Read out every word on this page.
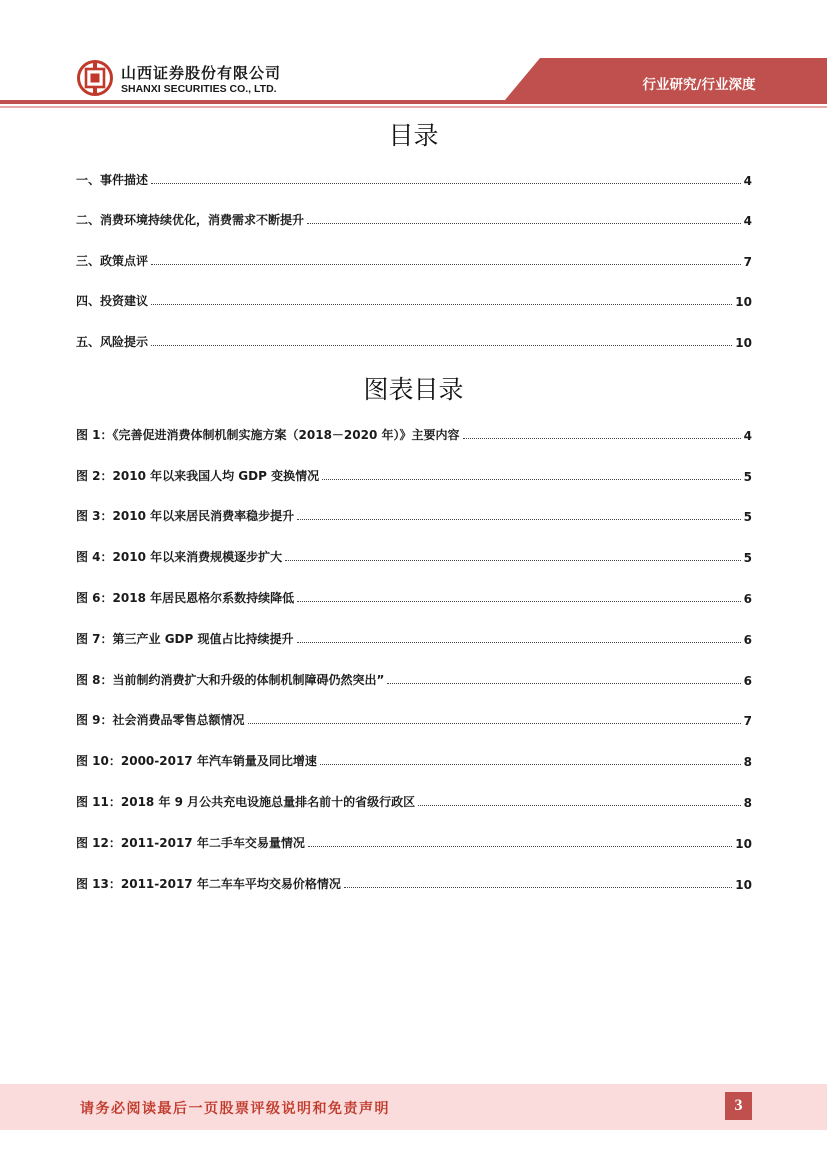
行业研究/行业深度
山西证券股份有限公司
SHANXI SECURITIES CO., LTD.
目录
一、事件描述	4
二、消费环境持续优化，消费需求不断提升	4
三、政策点评	7
四、投资建议	10
五、风险提示	10
图表目录
图 1：《完善促进消费体制机制实施方案（2018－2020 年）》主要内容	4
图 2：2010 年以来我国人均 GDP 变换情况	5
图 3：2010 年以来居民消费率稳步提升	5
图 4：2010 年以来消费规模逐步扩大	5
图 6：2018 年居民恩格尔系数持续降低	6
图 7：第三产业 GDP 现值占比持续提升	6
图 8：当前制约消费扩大和升级的体制机制障碍仍然突出”	6
图 9：社会消费品零售总额情况	7
图 10：2000-2017 年汽车销量及同比增速	8
图 11：2018 年 9 月公共充电设施总量排名前十的省级行政区	8
图 12：2011-2017 年二手车交易量情况	10
图 13：2011-2017 年二车车平均交易价格情况	10
请务必阅读最后一页股票评级说明和免责声明	3
